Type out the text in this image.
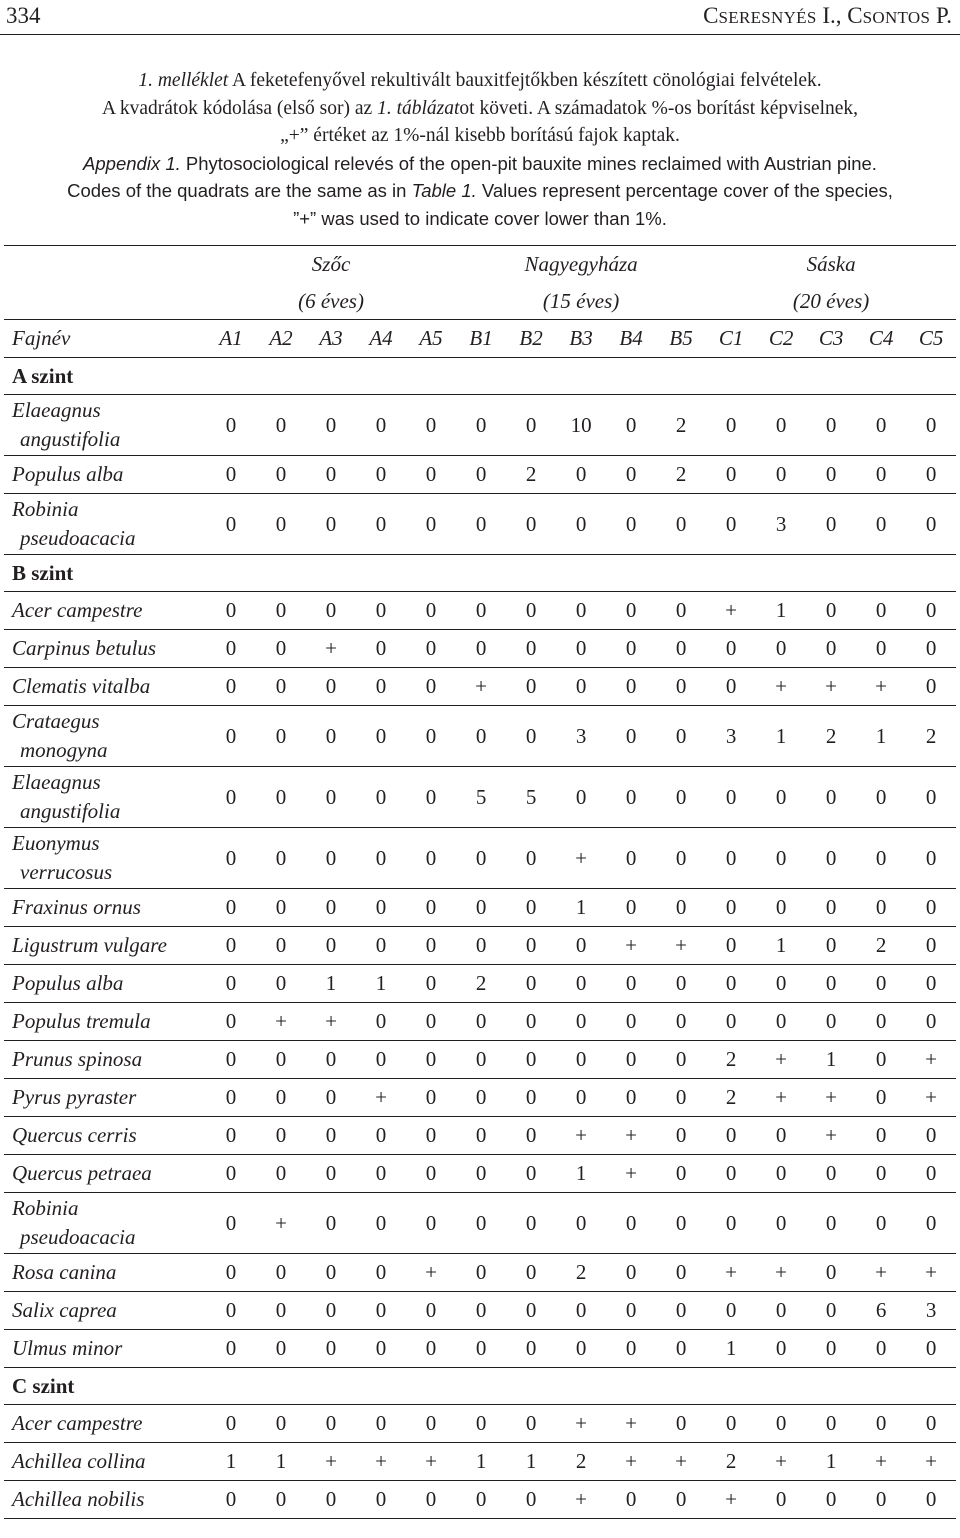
334	CSERESNYÉS I., CSONTOS P.
1. melléklet A feketefenyővel rekultivált bauxitfejtőkben készített cönológiai felvételek.
A kvadrátok kódolása (első sor) az 1. táblázatot követi. A számadatok %-os borítást képviselnek,
„+” értéket az 1%-nál kisebb borítású fajok kaptak.
Appendix 1. Phytosociological relevés of the open-pit bauxite mines reclaimed with Austrian pine.
Codes of the quadrats are the same as in Table 1. Values represent percentage cover of the species,
”+” was used to indicate cover lower than 1%.
	Szőc					Nagyegyháza					Sáska				
	(6 éves)					(15 éves)					(20 éves)				
Fajnév	A1	A2	A3	A4	A5	B1	B2	B3	B4	B5	C1	C2	C3	C4	C5
A szint															

Elaeagnus
angustifolia	0	0	0	0	0	0	0	10	0	2	0	0	0	0	0
Populus alba	0	0	0	0	0	0	2	0	0	2	0	0	0	0	0

Robinia
pseudoacacia	0	0	0	0	0	0	0	0	0	0	0	3	0	0	0
B szint															
Acer campestre	0	0	0	0	0	0	0	0	0	0	+	1	0	0	0
Carpinus betulus	0	0	+	0	0	0	0	0	0	0	0	0	0	0	0
Clematis vitalba	0	0	0	0	0	+	0	0	0	0	0	+	+	+	0

Crataegus
monogyna	0	0	0	0	0	0	0	3	0	0	3	1	2	1	2

Elaeagnus
angustifolia	0	0	0	0	0	5	5	0	0	0	0	0	0	0	0

Euonymus
verrucosus	0	0	0	0	0	0	0	+	0	0	0	0	0	0	0
Fraxinus ornus	0	0	0	0	0	0	0	1	0	0	0	0	0	0	0
Ligustrum vulgare	0	0	0	0	0	0	0	0	+	+	0	1	0	2	0
Populus alba	0	0	1	1	0	2	0	0	0	0	0	0	0	0	0
Populus tremula	0	+	+	0	0	0	0	0	0	0	0	0	0	0	0
Prunus spinosa	0	0	0	0	0	0	0	0	0	0	2	+	1	0	+
Pyrus pyraster	0	0	0	+	0	0	0	0	0	0	2	+	+	0	+
Quercus cerris	0	0	0	0	0	0	0	+	+	0	0	0	+	0	0
Quercus petraea	0	0	0	0	0	0	0	1	+	0	0	0	0	0	0

Robinia
pseudoacacia	0	+	0	0	0	0	0	0	0	0	0	0	0	0	0
Rosa canina	0	0	0	0	+	0	0	2	0	0	+	+	0	+	+
Salix caprea	0	0	0	0	0	0	0	0	0	0	0	0	0	6	3
Ulmus minor	0	0	0	0	0	0	0	0	0	0	1	0	0	0	0
C szint															
Acer campestre	0	0	0	0	0	0	0	+	+	0	0	0	0	0	0
Achillea collina	1	1	+	+	+	1	1	2	+	+	2	+	1	+	+
Achillea nobilis	0	0	0	0	0	0	0	+	0	0	+	0	0	0	0
